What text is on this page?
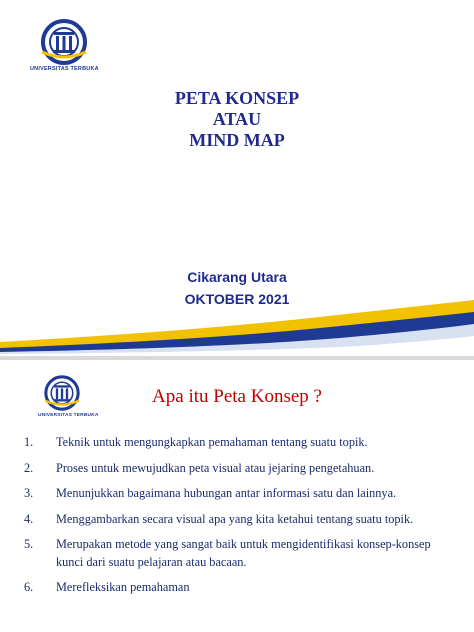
UNIVERSITAS TERBUKA
PETA KONSEP
ATAU
MIND MAP
Cikarang Utara
OKTOBER 2021
UNIVERSITAS TERBUKA
Apa itu Peta Konsep ?
1. Teknik untuk mengungkapkan pemahaman tentang suatu topik.
2. Proses untuk mewujudkan peta visual atau jejaring pengetahuan.
3. Menunjukkan bagaimana hubungan antar informasi satu dan lainnya.
4. Menggambarkan secara visual apa yang kita ketahui tentang suatu topik.
5. Merupakan metode yang sangat baik untuk mengidentifikasi konsep-konsep kunci dari suatu pelajaran atau bacaan.
6. Merefleksikan pemahaman
